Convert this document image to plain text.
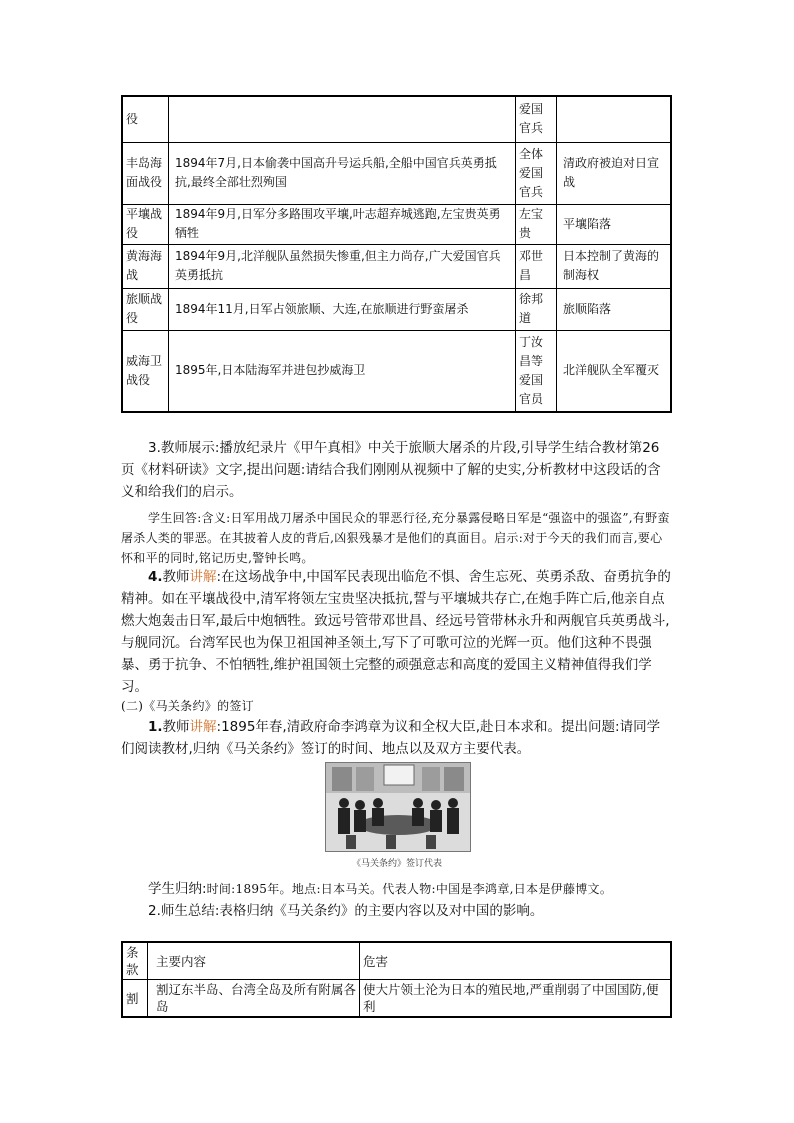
役		爱国官兵	
丰岛海面战役	1894年7月,日本偷袭中国高升号运兵船,全船中国官兵英勇抵抗,最终全部壮烈殉国	全体爱国官兵	清政府被迫对日宣战
平壤战役	1894年9月,日军分多路围攻平壤,叶志超弃城逃跑,左宝贵英勇牺牲	左宝贵	平壤陷落
黄海海战	1894年9月,北洋舰队虽然损失惨重,但主力尚存,广大爱国官兵英勇抵抗	邓世昌	日本控制了黄海的制海权
旅顺战役	1894年11月,日军占领旅顺、大连,在旅顺进行野蛮屠杀	徐邦道	旅顺陷落
威海卫战役	1895年,日本陆海军并进包抄威海卫	丁汝昌等爱国官员	北洋舰队全军覆灭
3.教师展示:播放纪录片《甲午真相》中关于旅顺大屠杀的片段,引导学生结合教材第26页《材料研读》文字,提出问题:请结合我们刚刚从视频中了解的史实,分析教材中这段话的含义和给我们的启示。
学生回答:含义:日军用战刀屠杀中国民众的罪恶行径,充分暴露侵略日军是“强盗中的强盗”,有野蛮屠杀人类的罪恶。在其披着人皮的背后,凶狠残暴才是他们的真面目。启示:对于今天的我们而言,要心怀和平的同时,铭记历史,警钟长鸣。
4.教师讲解:在这场战争中,中国军民表现出临危不惧、舍生忘死、英勇杀敌、奋勇抗争的精神。如在平壤战役中,清军将领左宝贵坚决抵抗,誓与平壤城共存亡,在炮手阵亡后,他亲自点燃大炮轰击日军,最后中炮牺牲。致远号管带邓世昌、经远号管带林永升和两舰官兵英勇战斗,与舰同沉。台湾军民也为保卫祖国神圣领土,写下了可歌可泣的光辉一页。他们这种不畏强暴、勇于抗争、不怕牺牲,维护祖国领土完整的顽强意志和高度的爱国主义精神值得我们学习。
(二)《马关条约》的签订
1.教师讲解:1895年春,清政府命李鸿章为议和全权大臣,赴日本求和。提出问题:请同学们阅读教材,归纳《马关条约》签订的时间、地点以及双方主要代表。
《马关条约》签订代表
学生归纳:时间:1895年。地点:日本马关。代表人物:中国是李鸿章,日本是伊藤博文。
2.师生总结:表格归纳《马关条约》的主要内容以及对中国的影响。
条款	主要内容	危害
割	割辽东半岛、台湾全岛及所有附属各岛	使大片领土沦为日本的殖民地,严重削弱了中国国防,便利
